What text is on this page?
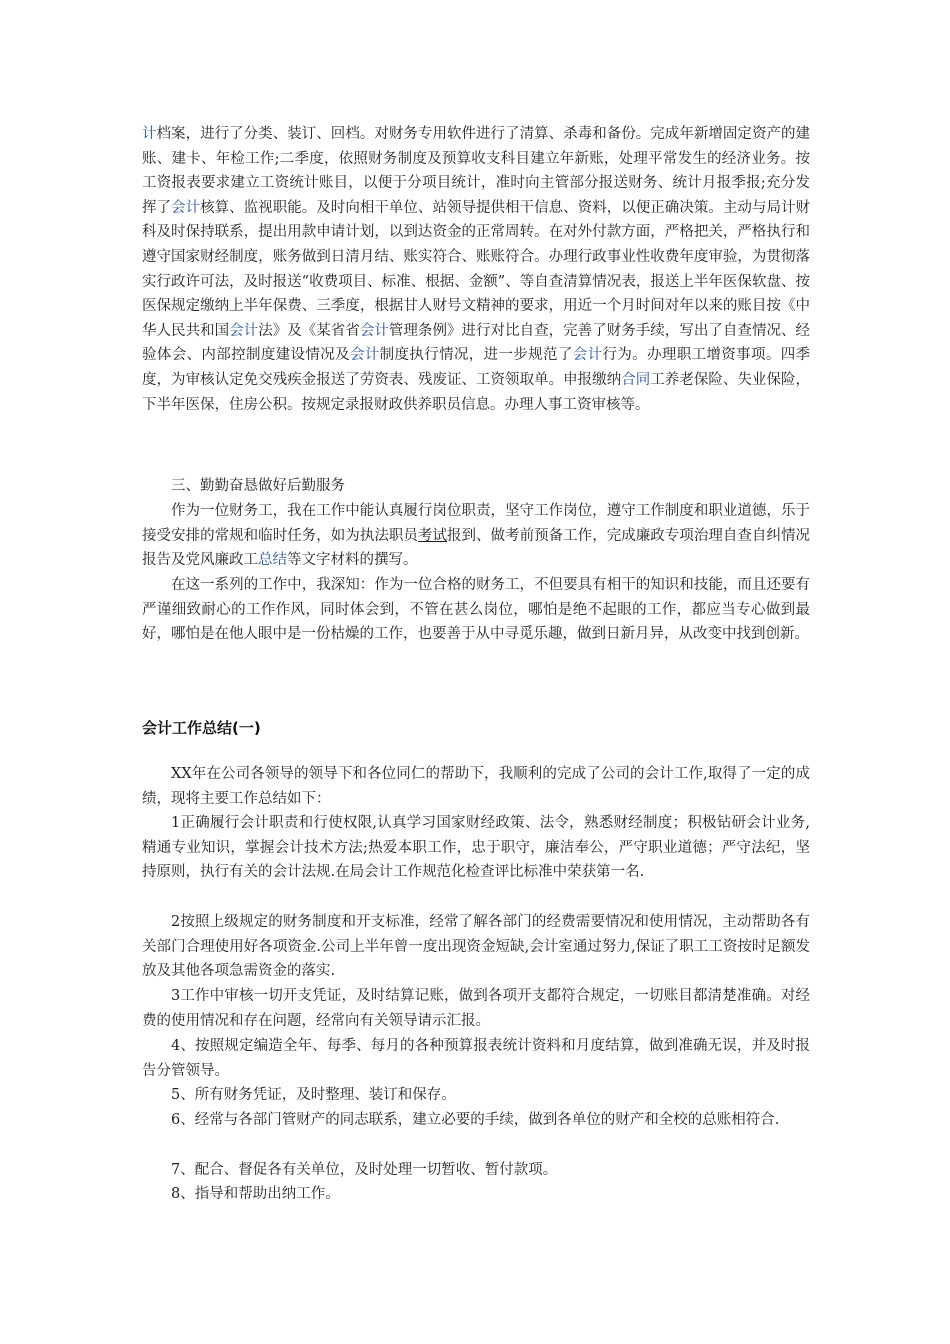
计档案，进行了分类、装订、回档。对财务专用软件进行了清算、杀毒和备份。完成年新增固定资产的建账、建卡、年检工作;二季度，依照财务制度及预算收支科目建立年新账，处理平常发生的经济业务。按工资报表要求建立工资统计账目，以便于分项目统计，准时向主管部分报送财务、统计月报季报;充分发挥了会计核算、监视职能。及时向相干单位、站领导提供相干信息、资料，以便正确决策。主动与局计财科及时保持联系，提出用款申请计划，以到达资金的正常周转。在对外付款方面，严格把关，严格执行和遵守国家财经制度，账务做到日清月结、账实符合、账账符合。办理行政事业性收费年度审验，为贯彻落实行政许可法，及时报送“收费项目、标准、根据、金额”、等自查清算情况表，报送上半年医保软盘、按医保规定缴纳上半年保费、三季度，根据甘人财号文精神的要求，用近一个月时间对年以来的账目按《中华人民共和国会计法》及《某省省会计管理条例》进行对比自查，完善了财务手续，写出了自查情况、经验体会、内部控制度建设情况及会计制度执行情况，进一步规范了会计行为。办理职工增资事项。四季度，为审核认定免交残疾金报送了劳资表、残废证、工资领取单。申报缴纳合同工养老保险、失业保险，下半年医保，住房公积。按规定录报财政供养职员信息。办理人事工资审核等。

三、勤勤奋恳做好后勤服务

作为一位财务工，我在工作中能认真履行岗位职责，坚守工作岗位，遵守工作制度和职业道德，乐于接受安排的常规和临时任务，如为执法职员考试报到、做考前预备工作，完成廉政专项治理自查自纠情况报告及党风廉政工总结等文字材料的撰写。

在这一系列的工作中，我深知：作为一位合格的财务工，不但要具有相干的知识和技能，而且还要有严谨细致耐心的工作作风，同时体会到，不管在甚么岗位，哪怕是绝不起眼的工作，都应当专心做到最好，哪怕是在他人眼中是一份枯燥的工作，也要善于从中寻觅乐趣，做到日新月异，从改变中找到创新。

会计工作总结(一)

XX年在公司各领导的领导下和各位同仁的帮助下，我顺利的完成了公司的会计工作,取得了一定的成绩，现将主要工作总结如下：

1正确履行会计职责和行使权限,认真学习国家财经政策、法令，熟悉财经制度；积极钻研会计业务,精通专业知识，掌握会计技术方法;热爱本职工作，忠于职守，廉洁奉公，严守职业道德；严守法纪，坚持原则，执行有关的会计法规.在局会计工作规范化检查评比标准中荣获第一名.

2按照上级规定的财务制度和开支标准，经常了解各部门的经费需要情况和使用情况，主动帮助各有关部门合理使用好各项资金.公司上半年曾一度出现资金短缺,会计室通过努力,保证了职工工资按时足额发放及其他各项急需资金的落实.

3工作中审核一切开支凭证，及时结算记账，做到各项开支都符合规定，一切账目都清楚准确。对经费的使用情况和存在问题，经常向有关领导请示汇报。

4、按照规定编造全年、每季、每月的各种预算报表统计资料和月度结算，做到准确无误，并及时报告分管领导。

5、所有财务凭证，及时整理、装订和保存。

6、经常与各部门管财产的同志联系，建立必要的手续，做到各单位的财产和全校的总账相符合.

7、配合、督促各有关单位，及时处理一切暂收、暂付款项。

8、指导和帮助出纳工作。
